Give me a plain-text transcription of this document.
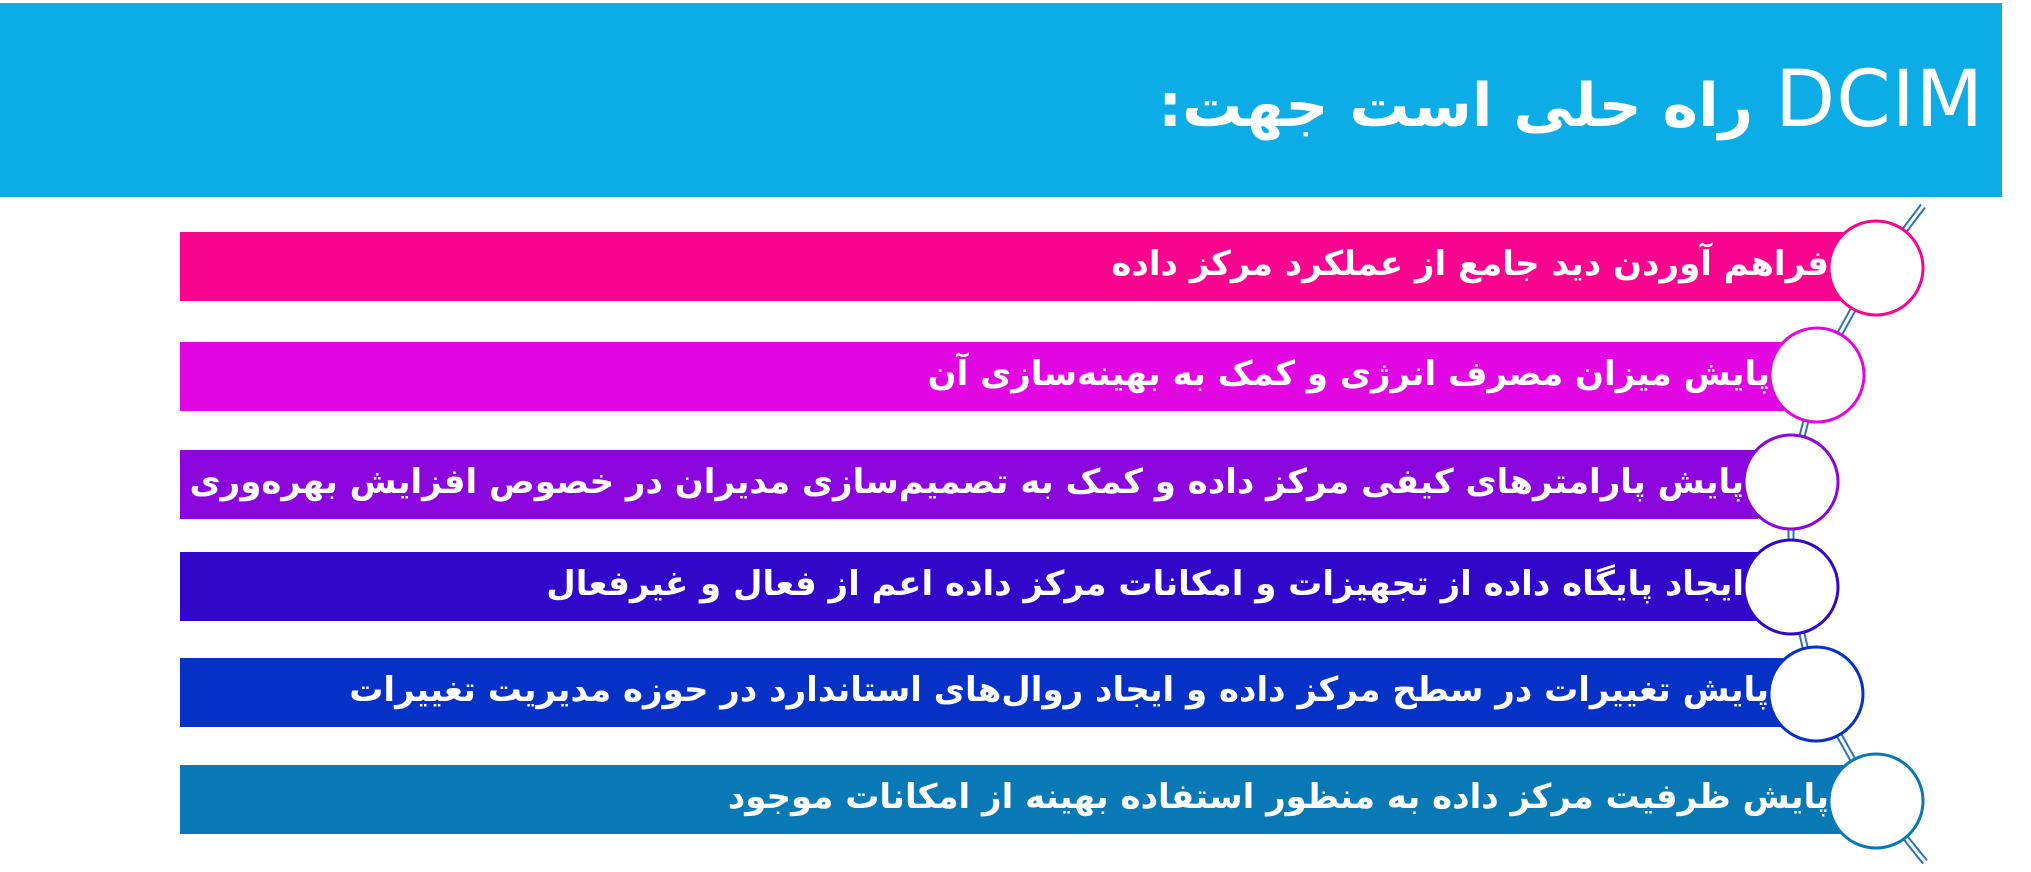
DCIMراه حلی است جهت:
فراهم آوردن دید جامع از عملکرد مرکز داده
پایش میزان مصرف انرژی و کمک به بهینه‌سازی آن
پایش پارامترهای کیفی مرکز داده و کمک به تصمیم‌سازی مدیران در خصوص افزایش بهره‌وری و کارایی
ایجاد پایگاه داده از تجهیزات و امکانات مرکز داده اعم از فعال و غیرفعال
پایش تغییرات در سطح مرکز داده و ایجاد روال‌های استاندارد در حوزه مدیریت تغییرات
پایش ظرفیت مرکز داده به منظور استفاده بهینه از امکانات موجود
